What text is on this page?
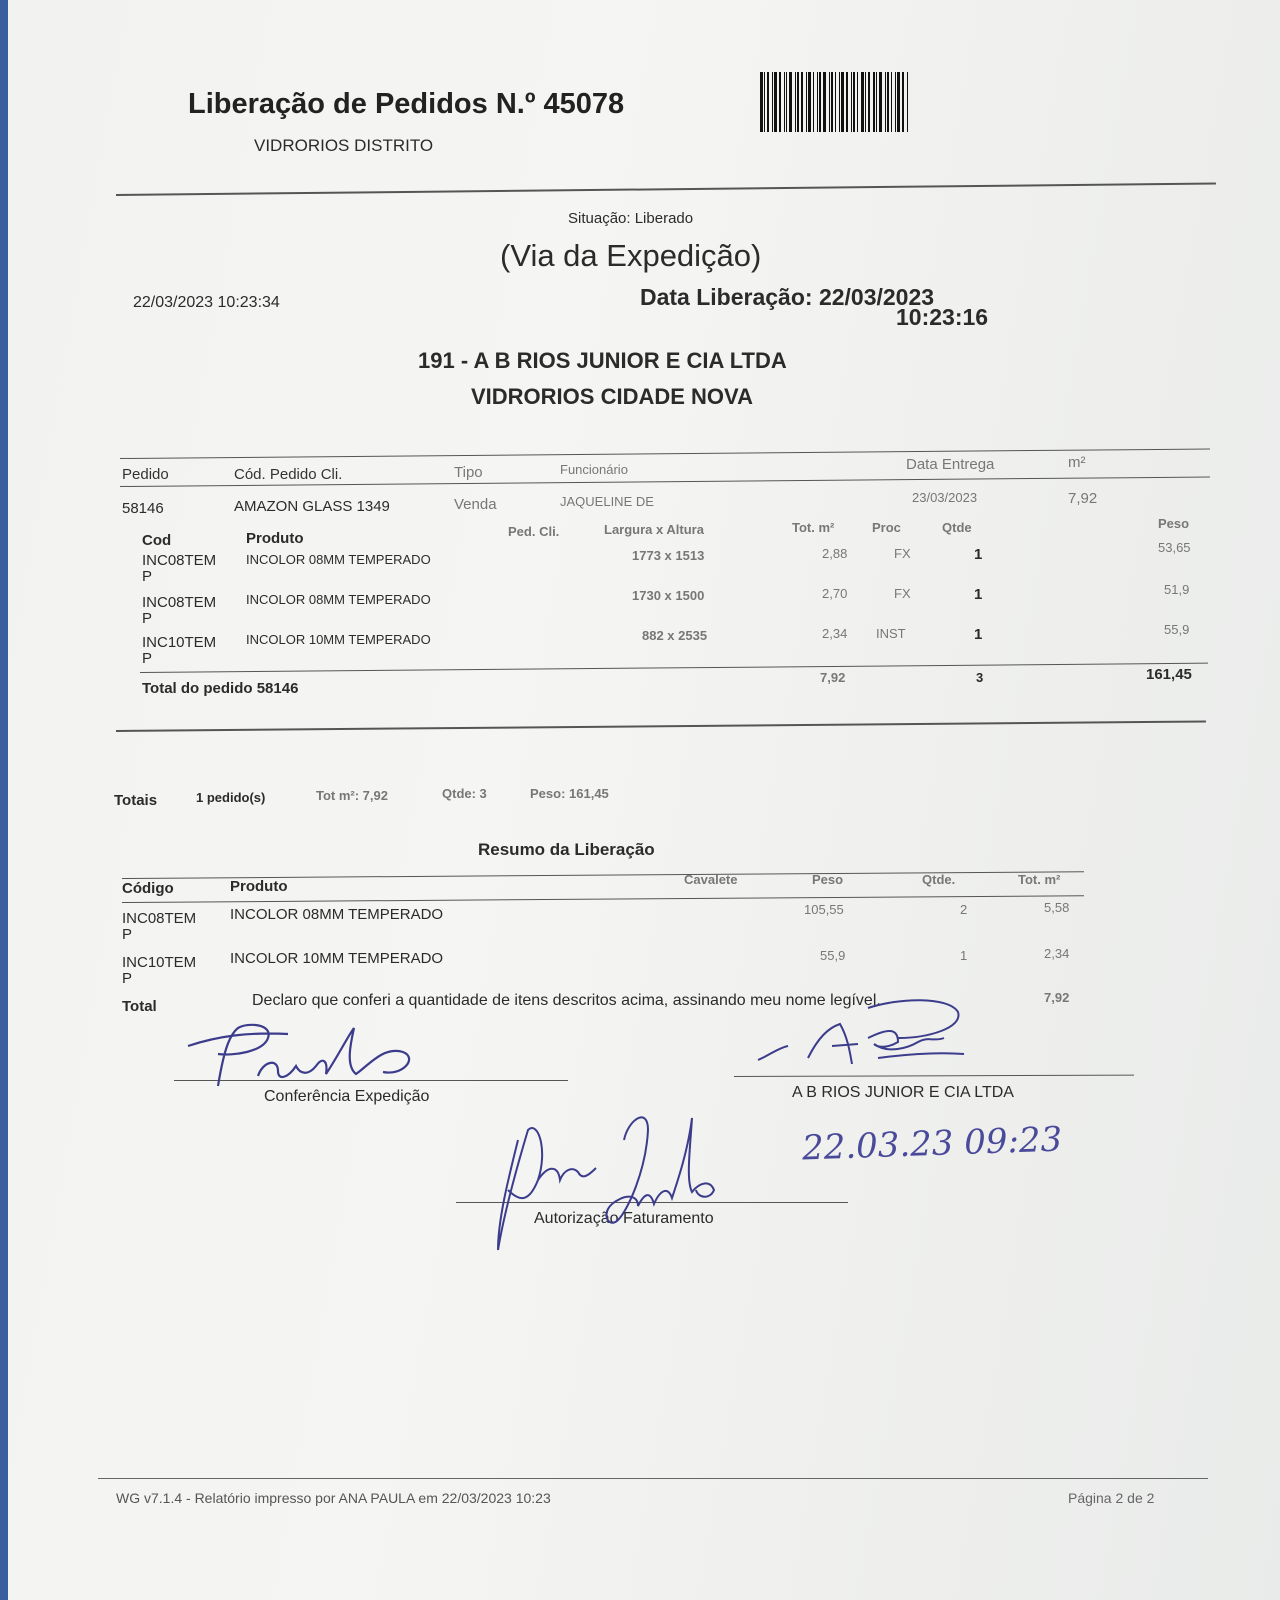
Liberação de Pedidos N.º 45078
VIDRORIOS DISTRITO
Situação: Liberado
(Via da Expedição)
22/03/2023 10:23:34	Data Liberação: 22/03/2023
10:23:16
191 - A B RIOS JUNIOR E CIA LTDA
VIDRORIOS CIDADE NOVA
Pedido	Cód. Pedido Cli.	Tipo	Funcionário	Data Entrega	m²
58146	AMAZON GLASS 1349	Venda	JAQUELINE DE	23/03/2023	7,92
Cod	Produto	Ped. Cli.	Largura x Altura	Tot. m²	Proc	Qtde	Peso
INC08TEM
P
INCOLOR 08MM TEMPERADO	1773 x 1513	2,88	FX	1	53,65
INC08TEM
P
INCOLOR 08MM TEMPERADO	1730 x 1500	2,70	FX	1	51,9
INC10TEM
P
INCOLOR 10MM TEMPERADO	882 x 2535	2,34 INST	1	55,9
Total do pedido 58146
7,92	3	161,45
Totais	1 pedido(s)	Tot m²: 7,92	Qtde: 3	Peso: 161,45
Resumo da Liberação
Código	Produto	Cavalete	Peso	Qtde.	Tot. m²
INC08TEM
P
INCOLOR 08MM TEMPERADO	105,55	2	5,58
INC10TEM
P
INCOLOR 10MM TEMPERADO	55,9	1	2,34
Total	Declaro que conferi a quantidade de itens descritos acima, assinando meu nome legível.	7,92
Conferência Expedição	A B RIOS JUNIOR E CIA LTDA
Autorização Faturamento
22.03.23 09:23
WG v7.1.4 - Relatório impresso por ANA PAULA em 22/03/2023 10:23	Página 2 de 2
